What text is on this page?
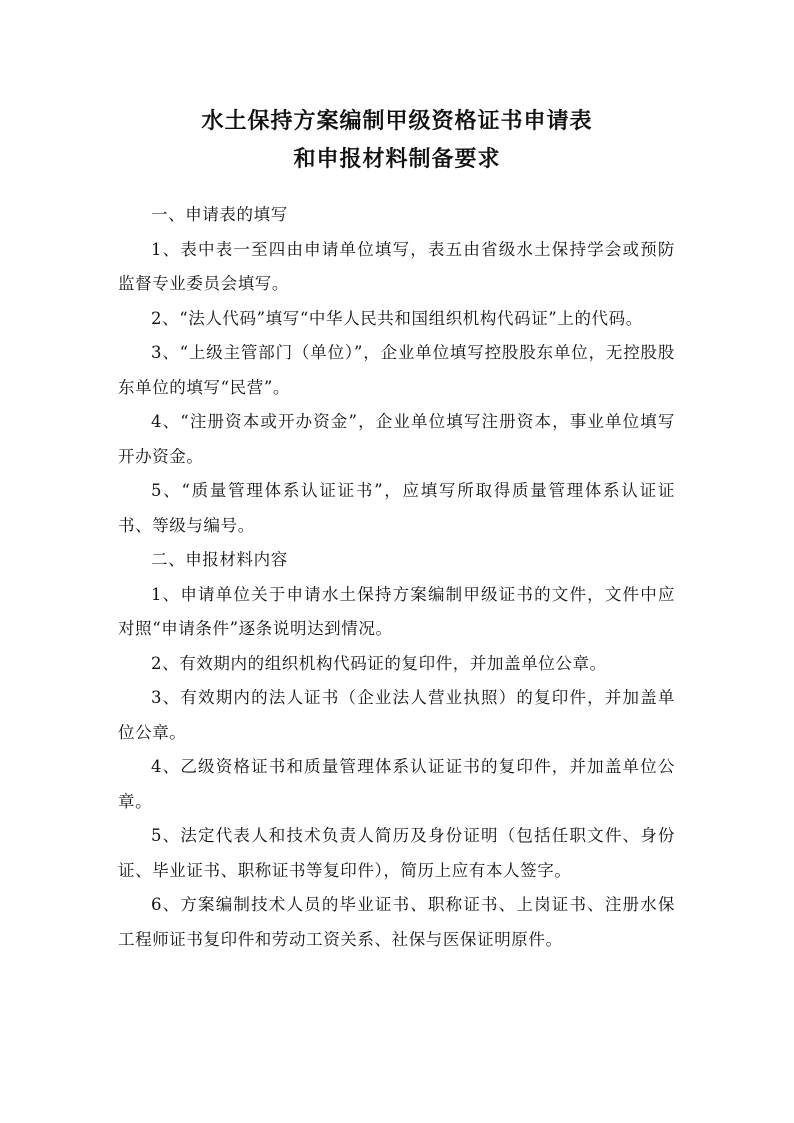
水土保持方案编制甲级资格证书申请表
和申报材料制备要求

一、申请表的填写

1、表中表一至四由申请单位填写，表五由省级水土保持学会或预防监督专业委员会填写。

2、“法人代码”填写“中华人民共和国组织机构代码证”上的代码。

3、“上级主管部门（单位）”，企业单位填写控股股东单位，无控股股东单位的填写“民营”。

4、“注册资本或开办资金”，企业单位填写注册资本，事业单位填写开办资金。

5、“质量管理体系认证证书”，应填写所取得质量管理体系认证证书、等级与编号。

二、申报材料内容

1、申请单位关于申请水土保持方案编制甲级证书的文件，文件中应对照“申请条件”逐条说明达到情况。

2、有效期内的组织机构代码证的复印件，并加盖单位公章。

3、有效期内的法人证书（企业法人营业执照）的复印件，并加盖单位公章。

4、乙级资格证书和质量管理体系认证证书的复印件，并加盖单位公章。

5、法定代表人和技术负责人简历及身份证明（包括任职文件、身份证、毕业证书、职称证书等复印件），简历上应有本人签字。

6、方案编制技术人员的毕业证书、职称证书、上岗证书、注册水保工程师证书复印件和劳动工资关系、社保与医保证明原件。
